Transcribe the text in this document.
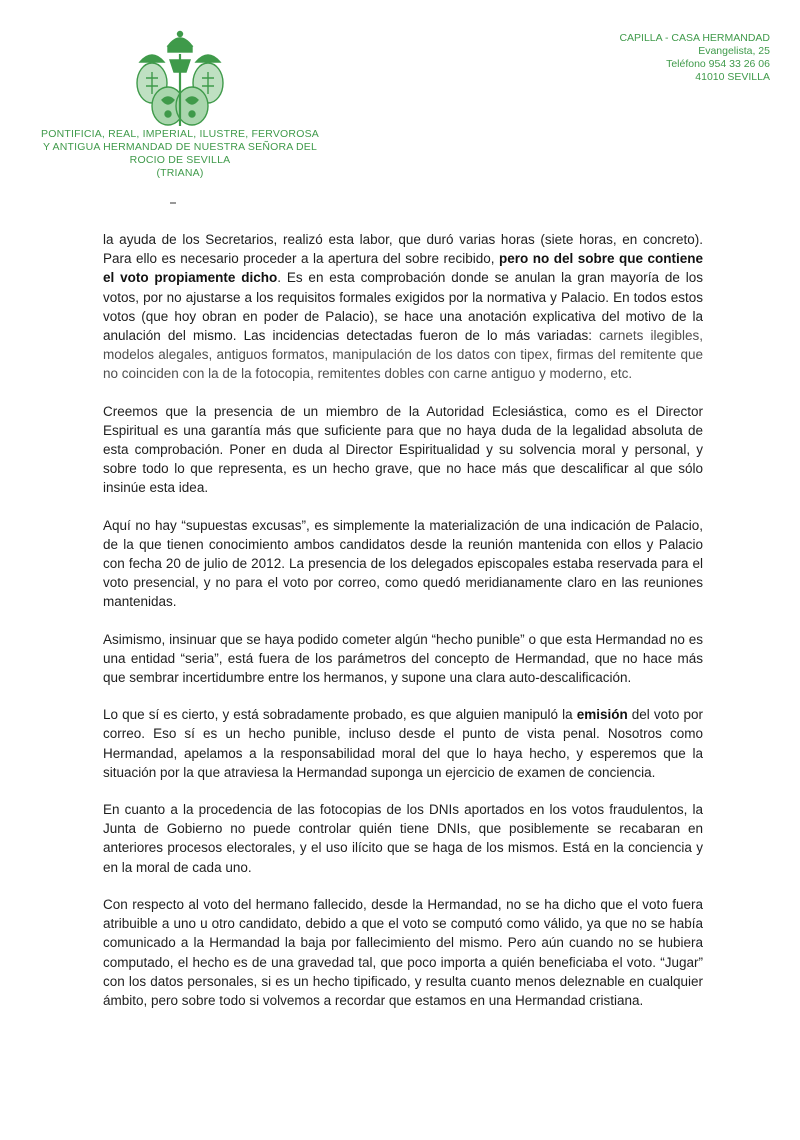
PONTIFICIA, REAL, IMPERIAL, ILUSTRE, FERVOROSA
Y ANTIGUA HERMANDAD DE NUESTRA SEÑORA DEL
ROCIO DE SEVILLA
(TRIANA)
CAPILLA - CASA HERMANDAD
Evangelista, 25
Teléfono 954 33 26 06
41010 SEVILLA

la ayuda de los Secretarios, realizó esta labor, que duró varias horas (siete horas, en concreto). Para ello es necesario proceder a la apertura del sobre recibido, pero no del sobre que contiene el voto propiamente dicho. Es en esta comprobación donde se anulan la gran mayoría de los votos, por no ajustarse a los requisitos formales exigidos por la normativa y Palacio. En todos estos votos (que hoy obran en poder de Palacio), se hace una anotación explicativa del motivo de la anulación del mismo. Las incidencias detectadas fueron de lo más variadas: carnets ilegibles, modelos alegales, antiguos formatos, manipulación de los datos con tipex, firmas del remitente que no coinciden con la de la fotocopia, remitentes dobles con carne antiguo y moderno, etc.

Creemos que la presencia de un miembro de la Autoridad Eclesiástica, como es el Director Espiritual es una garantía más que suficiente para que no haya duda de la legalidad absoluta de esta comprobación. Poner en duda al Director Espiritualidad y su solvencia moral y personal, y sobre todo lo que representa, es un hecho grave, que no hace más que descalificar al que sólo insinúe esta idea.

Aquí no hay “supuestas excusas”, es simplemente la materialización de una indicación de Palacio, de la que tienen conocimiento ambos candidatos desde la reunión mantenida con ellos y Palacio con fecha 20 de julio de 2012. La presencia de los delegados episcopales estaba reservada para el voto presencial, y no para el voto por correo, como quedó meridianamente claro en las reuniones mantenidas.

Asimismo, insinuar que se haya podido cometer algún “hecho punible” o que esta Hermandad no es una entidad “seria”, está fuera de los parámetros del concepto de Hermandad, que no hace más que sembrar incertidumbre entre los hermanos, y supone una clara auto-descalificación.

Lo que sí es cierto, y está sobradamente probado, es que alguien manipuló la emisión del voto por correo. Eso sí es un hecho punible, incluso desde el punto de vista penal. Nosotros como Hermandad, apelamos a la responsabilidad moral del que lo haya hecho, y esperemos que la situación por la que atraviesa la Hermandad suponga un ejercicio de examen de conciencia.

En cuanto a la procedencia de las fotocopias de los DNIs aportados en los votos fraudulentos, la Junta de Gobierno no puede controlar quién tiene DNIs, que posiblemente se recabaran en anteriores procesos electorales, y el uso ilícito que se haga de los mismos. Está en la conciencia y en la moral de cada uno.

Con respecto al voto del hermano fallecido, desde la Hermandad, no se ha dicho que el voto fuera atribuible a uno u otro candidato, debido a que el voto se computó como válido, ya que no se había comunicado a la Hermandad la baja por fallecimiento del mismo. Pero aún cuando no se hubiera computado, el hecho es de una gravedad tal, que poco importa a quién beneficiaba el voto. “Jugar” con los datos personales, si es un hecho tipificado, y resulta cuanto menos deleznable en cualquier ámbito, pero sobre todo si volvemos a recordar que estamos en una Hermandad cristiana.
